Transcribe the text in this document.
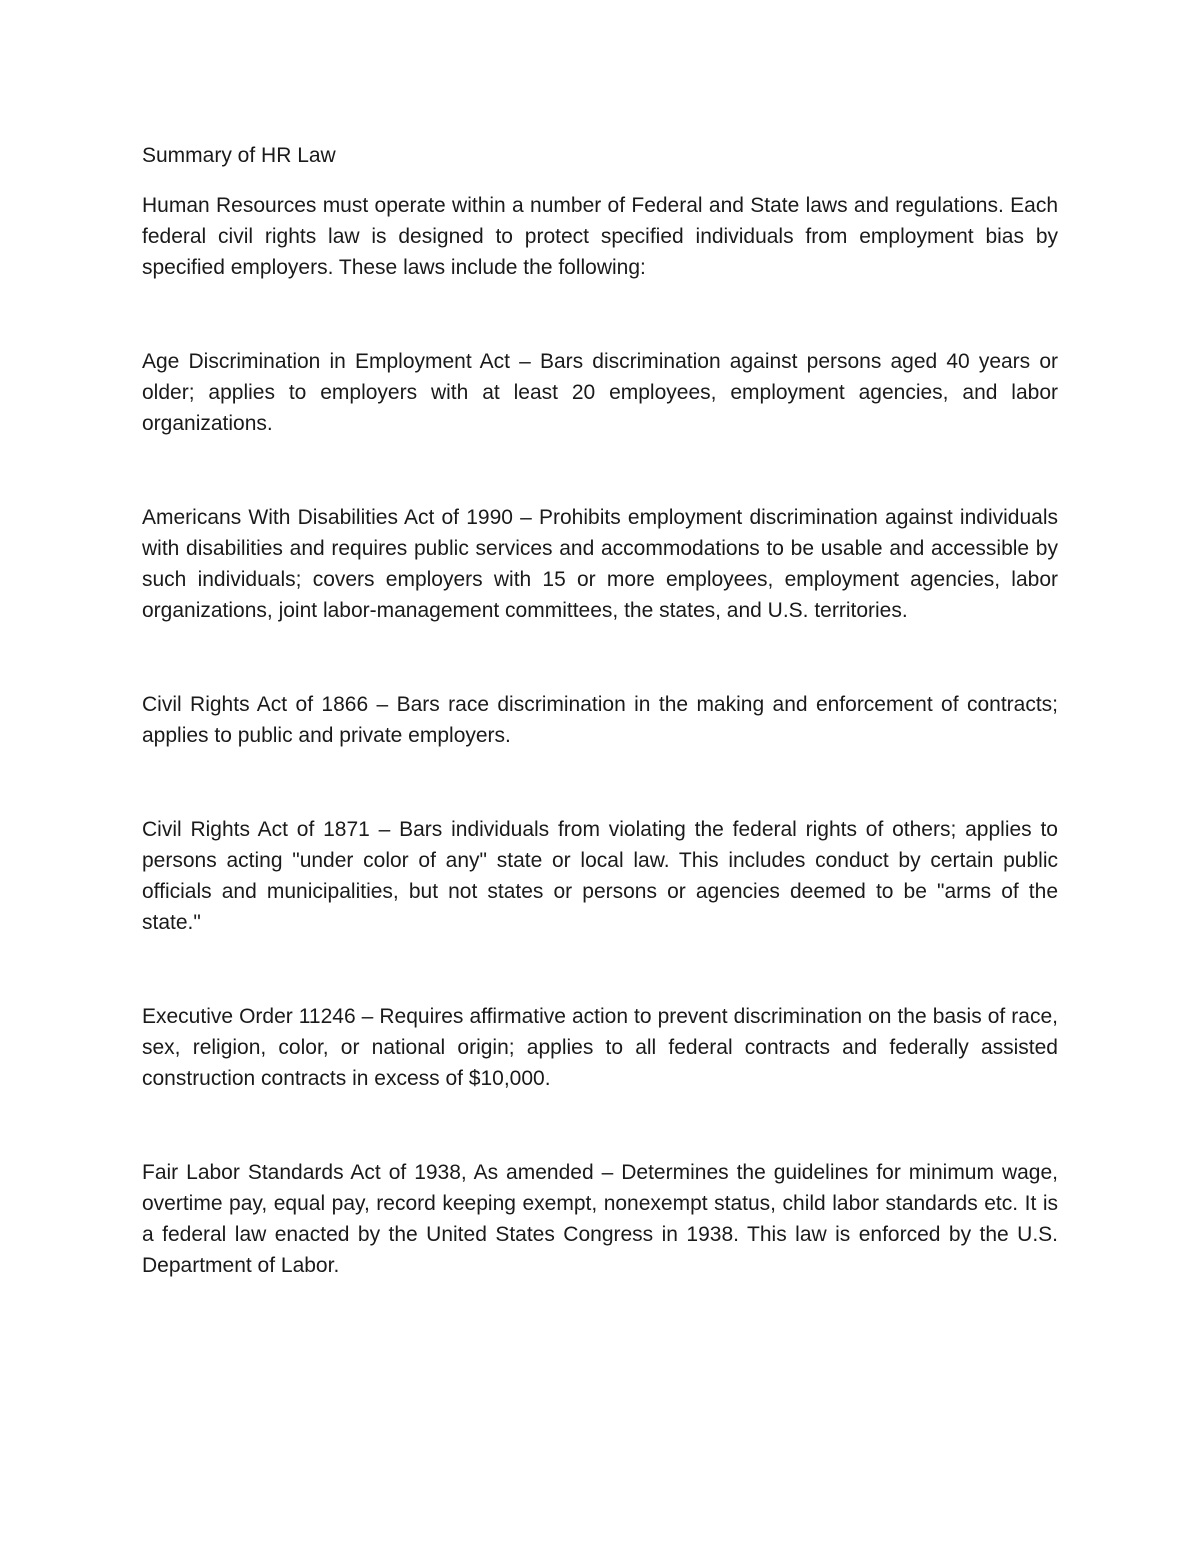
Summary of HR Law

Human Resources must operate within a number of Federal and State laws and regulations. Each federal civil rights law is designed to protect specified individuals from employment bias by specified employers. These laws include the following:

Age Discrimination in Employment Act – Bars discrimination against persons aged 40 years or older; applies to employers with at least 20 employees, employment agencies, and labor organizations.

Americans With Disabilities Act of 1990 – Prohibits employment discrimination against individuals with disabilities and requires public services and accommodations to be usable and accessible by such individuals; covers employers with 15 or more employees, employment agencies, labor organizations, joint labor-management committees, the states, and U.S. territories.

Civil Rights Act of 1866 – Bars race discrimination in the making and enforcement of contracts; applies to public and private employers.

Civil Rights Act of 1871 – Bars individuals from violating the federal rights of others; applies to persons acting "under color of any" state or local law. This includes conduct by certain public officials and municipalities, but not states or persons or agencies deemed to be "arms of the state."

Executive Order 11246 – Requires affirmative action to prevent discrimination on the basis of race, sex, religion, color, or national origin; applies to all federal contracts and federally assisted construction contracts in excess of $10,000.

Fair Labor Standards Act of 1938, As amended – Determines the guidelines for minimum wage, overtime pay, equal pay, record keeping exempt, nonexempt status, child labor standards etc. It is a federal law enacted by the United States Congress in 1938. This law is enforced by the U.S. Department of Labor.
